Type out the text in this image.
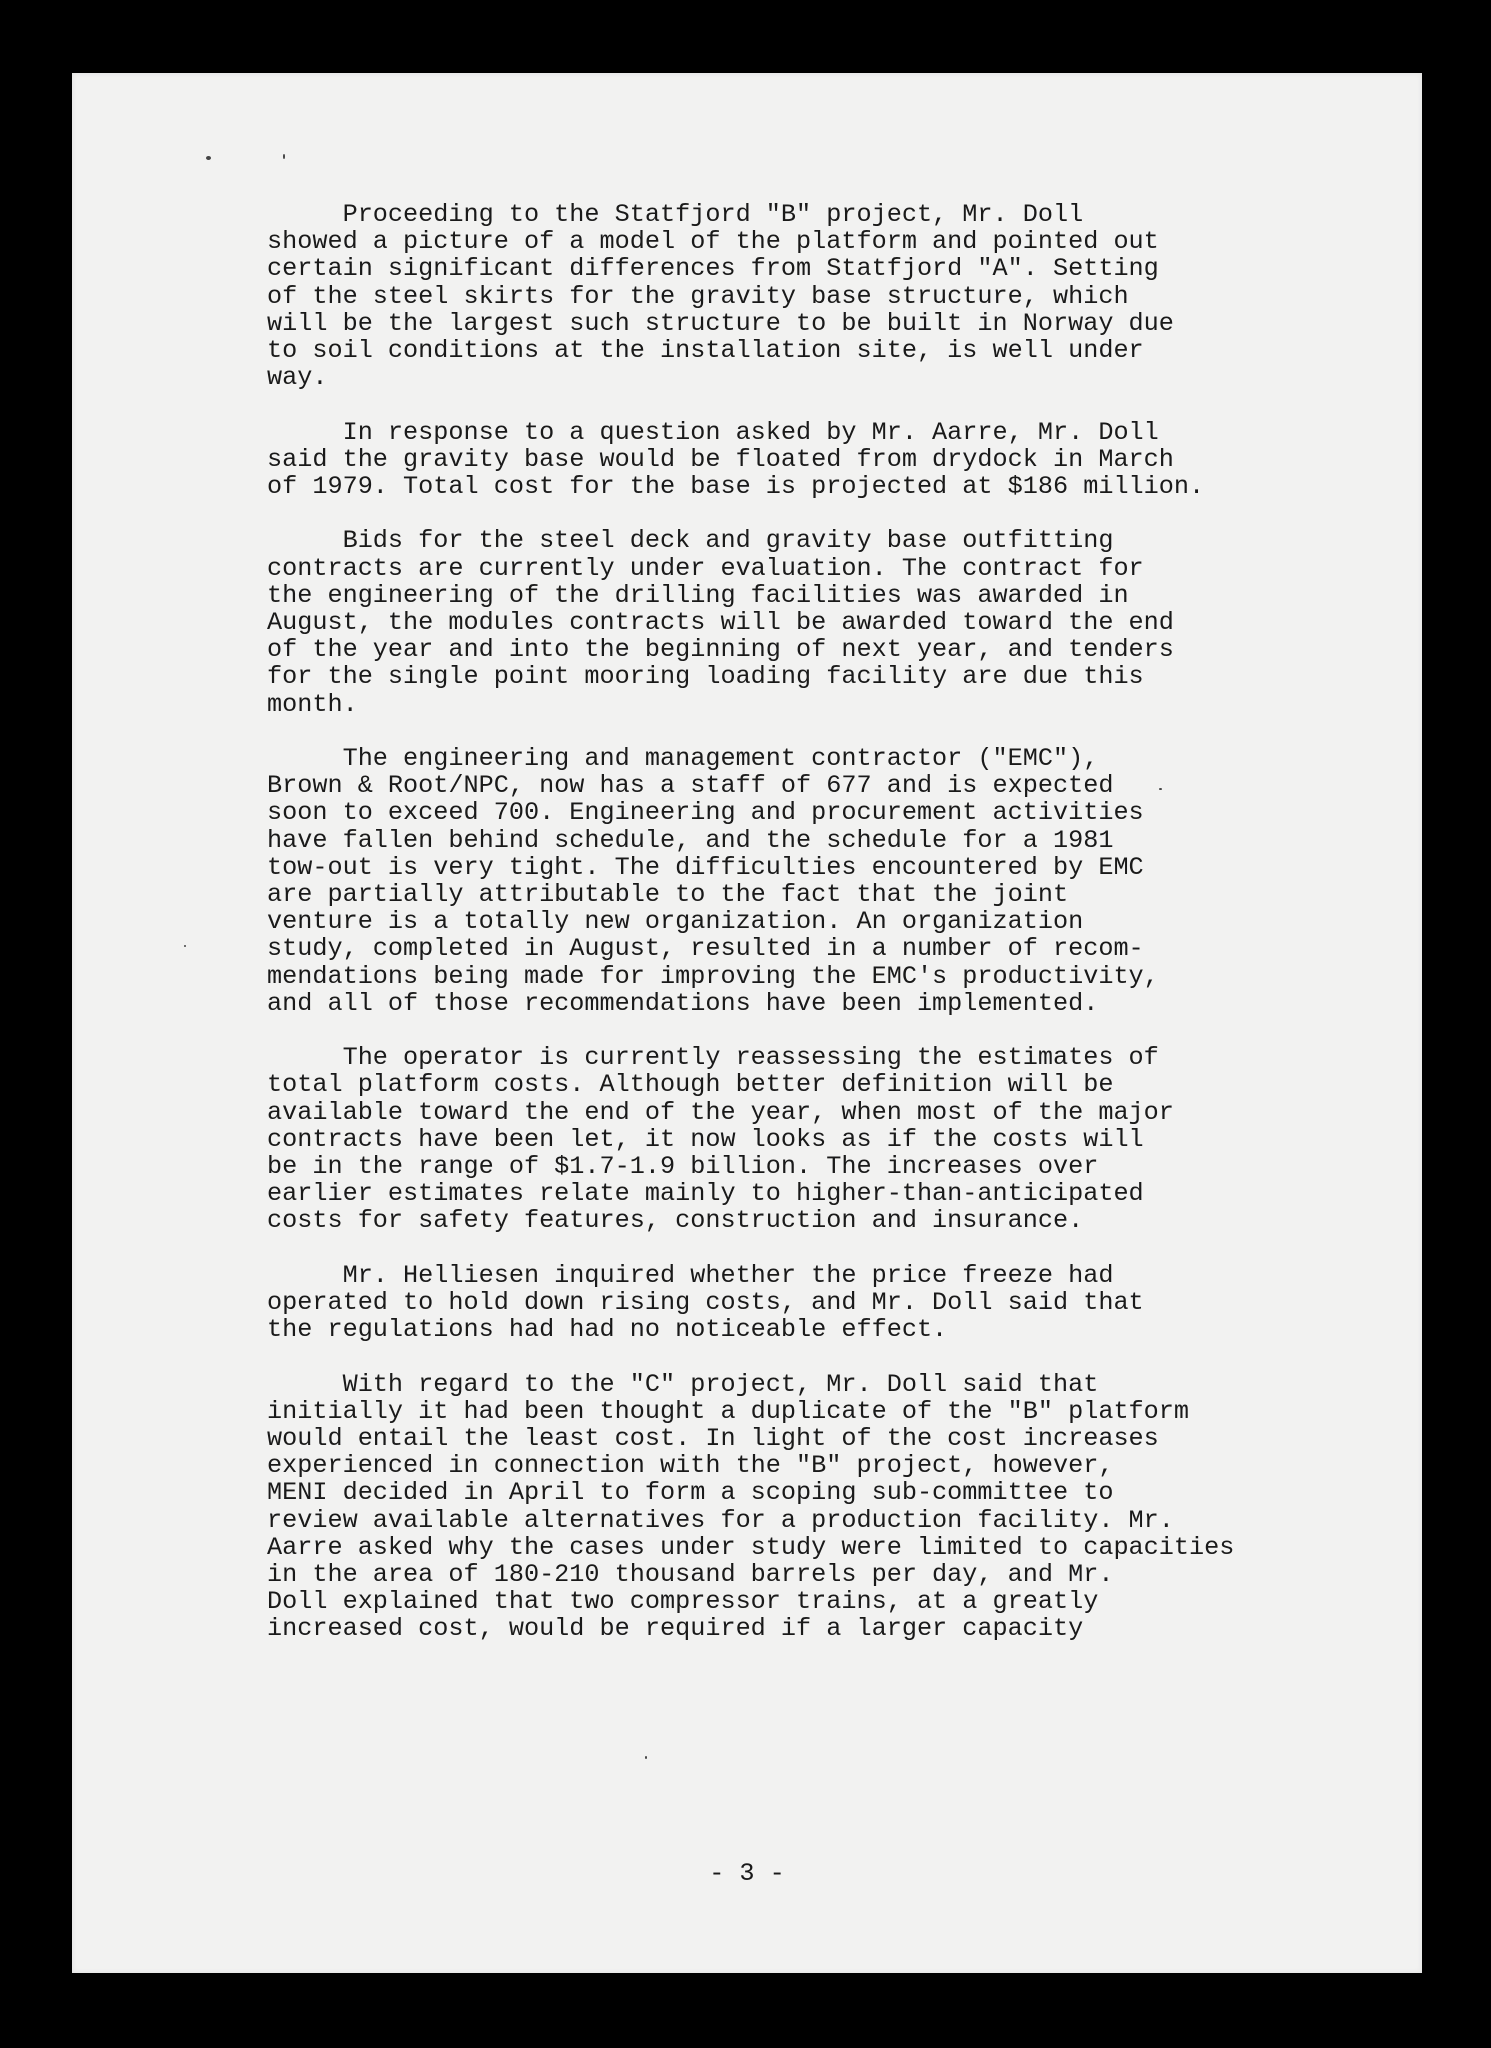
Proceeding to the Statfjord "B" project, Mr. Doll
showed a picture of a model of the platform and pointed out
certain significant differences from Statfjord "A". Setting
of the steel skirts for the gravity base structure, which
will be the largest such structure to be built in Norway due
to soil conditions at the installation site, is well under
way.
In response to a question asked by Mr. Aarre, Mr. Doll
said the gravity base would be floated from drydock in March
of 1979. Total cost for the base is projected at $186 million.
Bids for the steel deck and gravity base outfitting
contracts are currently under evaluation. The contract for
the engineering of the drilling facilities was awarded in
August, the modules contracts will be awarded toward the end
of the year and into the beginning of next year, and tenders
for the single point mooring loading facility are due this
month.
The engineering and management contractor ("EMC"),
Brown & Root/NPC, now has a staff of 677 and is expected
soon to exceed 700. Engineering and procurement activities
have fallen behind schedule, and the schedule for a 1981
tow-out is very tight. The difficulties encountered by EMC
are partially attributable to the fact that the joint
venture is a totally new organization. An organization
study, completed in August, resulted in a number of recom-
mendations being made for improving the EMC's productivity,
and all of those recommendations have been implemented.
The operator is currently reassessing the estimates of
total platform costs. Although better definition will be
available toward the end of the year, when most of the major
contracts have been let, it now looks as if the costs will
be in the range of $1.7-1.9 billion. The increases over
earlier estimates relate mainly to higher-than-anticipated
costs for safety features, construction and insurance.
Mr. Helliesen inquired whether the price freeze had
operated to hold down rising costs, and Mr. Doll said that
the regulations had had no noticeable effect.
With regard to the "C" project, Mr. Doll said that
initially it had been thought a duplicate of the "B" platform
would entail the least cost. In light of the cost increases
experienced in connection with the "B" project, however,
MENI decided in April to form a scoping sub-committee to
review available alternatives for a production facility. Mr.
Aarre asked why the cases under study were limited to capacities
in the area of 180-210 thousand barrels per day, and Mr.
Doll explained that two compressor trains, at a greatly
increased cost, would be required if a larger capacity
- 3 -
